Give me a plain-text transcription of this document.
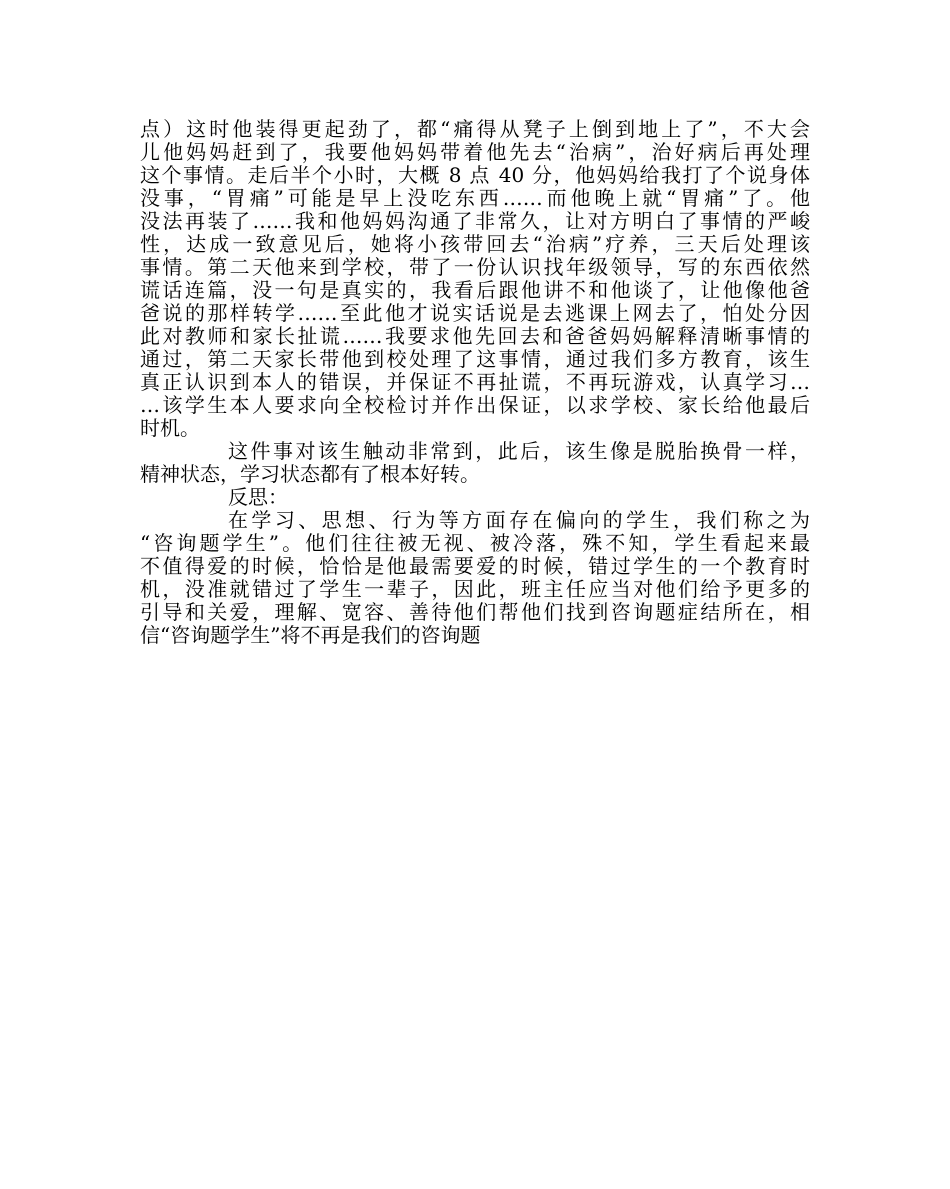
点）这时他装得更起劲了，都“痛得从凳子上倒到地上了”，不大会
儿他妈妈赶到了，我要他妈妈带着他先去“治病”，治好病后再处理
这个事情。走后半个小时，大概 8 点 40 分，他妈妈给我打了个说身体
没事，“胃痛”可能是早上没吃东西……而他晚上就“胃痛”了。他
没法再装了……我和他妈妈沟通了非常久，让对方明白了事情的严峻
性，达成一致意见后，她将小孩带回去“治病”疗养，三天后处理该
事情。第二天他来到学校，带了一份认识找年级领导，写的东西依然
谎话连篇，没一句是真实的，我看后跟他讲不和他谈了，让他像他爸
爸说的那样转学……至此他才说实话说是去逃课上网去了，怕处分因
此对教师和家长扯谎……我要求他先回去和爸爸妈妈解释清晰事情的
通过，第二天家长带他到校处理了这事情，通过我们多方教育，该生
真正认识到本人的错误，并保证不再扯谎，不再玩游戏，认真学习…
…该学生本人要求向全校检讨并作出保证，以求学校、家长给他最后
时机。

这件事对该生触动非常到，此后，该生像是脱胎换骨一样，
精神状态，学习状态都有了根本好转。

反思：

在学习、思想、行为等方面存在偏向的学生，我们称之为
“咨询题学生”。他们往往被无视、被冷落，殊不知，学生看起来最
不值得爱的时候，恰恰是他最需要爱的时候，错过学生的一个教育时
机，没准就错过了学生一辈子，因此，班主任应当对他们给予更多的
引导和关爱，理解、宽容、善待他们帮他们找到咨询题症结所在，相
信“咨询题学生”将不再是我们的咨询题
